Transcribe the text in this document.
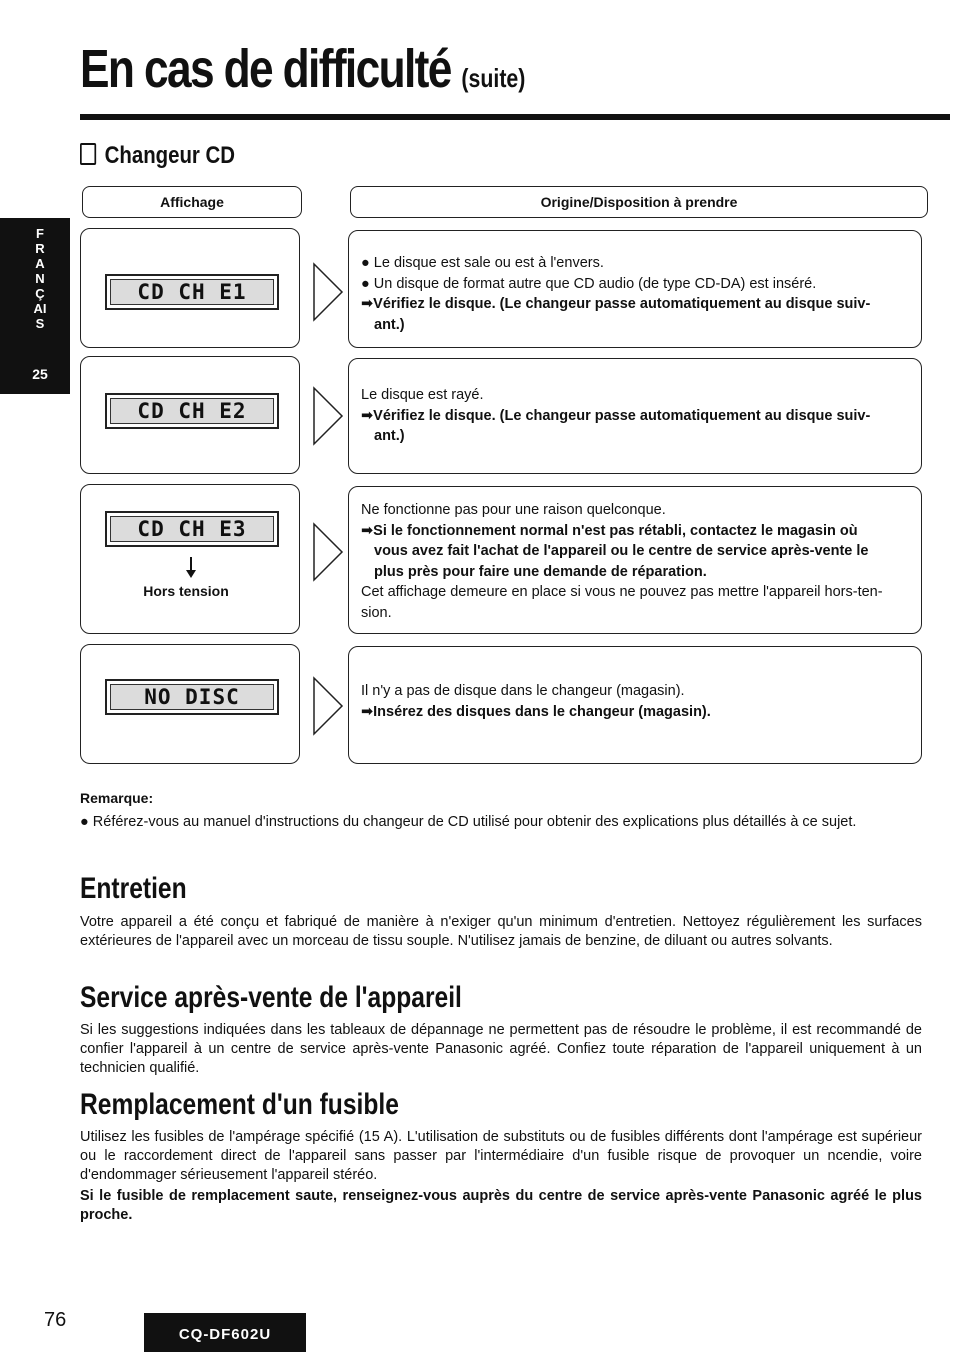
En cas de difficulté (suite)
FRANÇAIS
25
Changeur CD
Affichage	Origine/Disposition à prendre
CD CH E1
● Le disque est sale ou est à l'envers.
● Un disque de format autre que CD audio (de type CD-DA) est inséré.
➡Vérifiez le disque. (Le changeur passe automatiquement au disque suiv-
ant.)
CD CH E2
Le disque est rayé.
➡Vérifiez le disque. (Le changeur passe automatiquement au disque suiv-
ant.)
CD CH E3
Hors tension
Ne fonctionne pas pour une raison quelconque.
➡Si le fonctionnement normal n'est pas rétabli, contactez le magasin où
vous avez fait l'achat de l'appareil ou le centre de service après-vente le
plus près pour faire une demande de réparation.
Cet affichage demeure en place si vous ne pouvez pas mettre l'appareil hors-ten-
sion.
NO DISC	Il n'y a pas de disque dans le changeur (magasin).
➡Insérez des disques dans le changeur (magasin).
Remarque:
● Référez-vous au manuel d'instructions du changeur de CD utilisé pour obtenir des explications plus détaillés à ce sujet.
Entretien
Votre appareil a été conçu et fabriqué de manière à n'exiger qu'un minimum d'entretien. Nettoyez régulièrement les surfaces extérieures de l'appareil avec un morceau de tissu souple. N'utilisez jamais de benzine, de diluant ou autres solvants.
Service après-vente de l'appareil
Si les suggestions indiquées dans les tableaux de dépannage ne permettent pas de résoudre le problème, il est recommandé de confier l'appareil à un centre de service après-vente Panasonic agréé. Confiez toute réparation de l'appareil uniquement à un technicien qualifié.
Remplacement d'un fusible
Utilisez les fusibles de l'ampérage spécifié (15 A). L'utilisation de substituts ou de fusibles différents dont l'ampérage est supérieur ou le raccordement direct de l'appareil sans passer par l'intermédiaire d'un fusible risque de provoquer un ncendie, voire d'endommager sérieusement l'appareil stéréo.
Si le fusible de remplacement saute, renseignez-vous auprès du centre de service après-vente Panasonic agréé le plus proche.
76
CQ-DF602U
